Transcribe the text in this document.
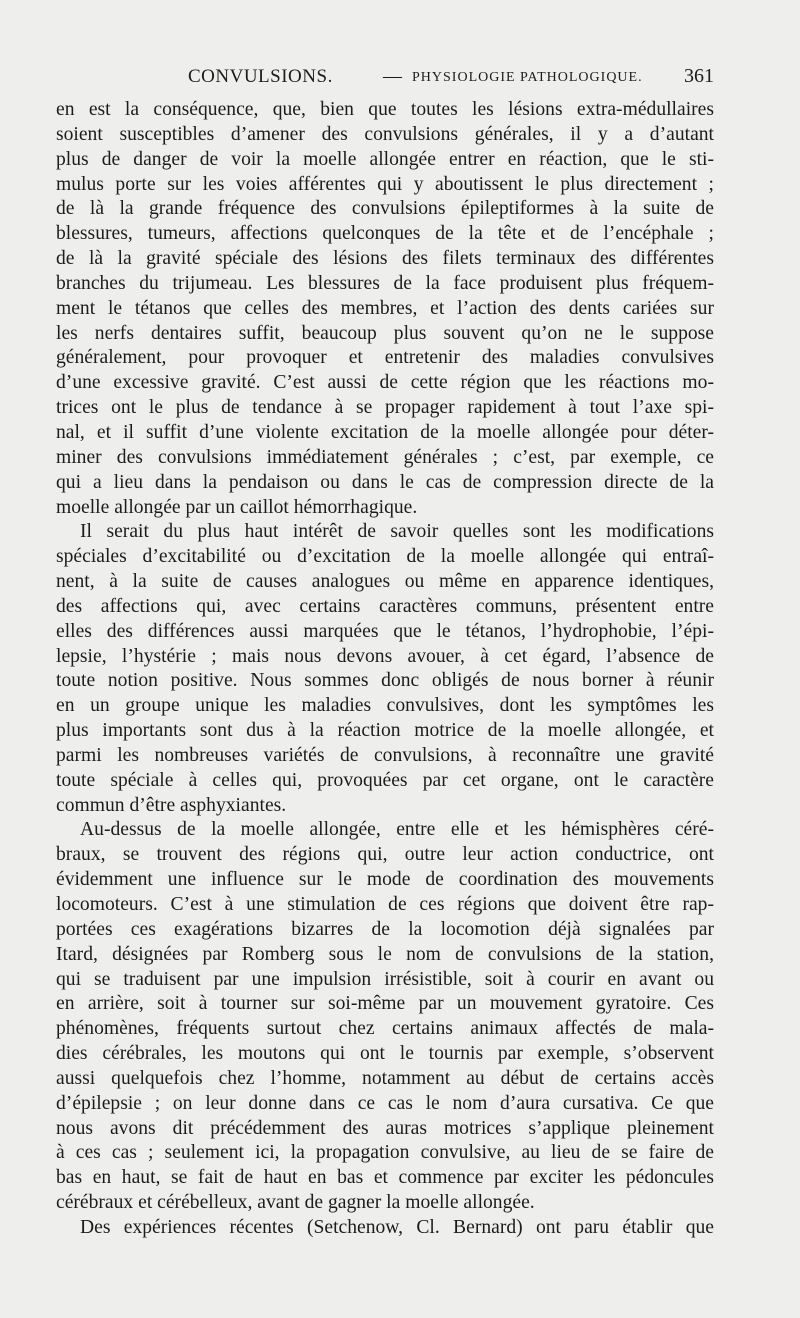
CONVULSIONS.	— PHYSIOLOGIE PATHOLOGIQUE. 361
en est la conséquence, que, bien que toutes les lésions extra-médullaires
soient susceptibles d’amener des convulsions générales, il y a d’autant
plus de danger de voir la moelle allongée entrer en réaction, que le sti-
mulus porte sur les voies afférentes qui y aboutissent le plus directement ;
de là la grande fréquence des convulsions épileptiformes à la suite de
blessures, tumeurs, affections quelconques de la tête et de l’encéphale ;
de là la gravité spéciale des lésions des filets terminaux des différentes
branches du trijumeau. Les blessures de la face produisent plus fréquem-
ment le tétanos que celles des membres, et l’action des dents cariées sur
les nerfs dentaires suffit, beaucoup plus souvent qu’on ne le suppose
généralement, pour provoquer et entretenir des maladies convulsives
d’une excessive gravité. C’est aussi de cette région que les réactions mo-
trices ont le plus de tendance à se propager rapidement à tout l’axe spi-
nal, et il suffit d’une violente excitation de la moelle allongée pour déter-
miner des convulsions immédiatement générales ; c’est, par exemple, ce
qui a lieu dans la pendaison ou dans le cas de compression directe de la
moelle allongée par un caillot hémorrhagique.
Il serait du plus haut intérêt de savoir quelles sont les modifications
spéciales d’excitabilité ou d’excitation de la moelle allongée qui entraî-
nent, à la suite de causes analogues ou même en apparence identiques,
des affections qui, avec certains caractères communs, présentent entre
elles des différences aussi marquées que le tétanos, l’hydrophobie, l’épi-
lepsie, l’hystérie ; mais nous devons avouer, à cet égard, l’absence de
toute notion positive. Nous sommes donc obligés de nous borner à réunir
en un groupe unique les maladies convulsives, dont les symptômes les
plus importants sont dus à la réaction motrice de la moelle allongée, et
parmi les nombreuses variétés de convulsions, à reconnaître une gravité
toute spéciale à celles qui, provoquées par cet organe, ont le caractère
commun d’être asphyxiantes.
Au-dessus de la moelle allongée, entre elle et les hémisphères céré-
braux, se trouvent des régions qui, outre leur action conductrice, ont
évidemment une influence sur le mode de coordination des mouvements
locomoteurs. C’est à une stimulation de ces régions que doivent être rap-
portées ces exagérations bizarres de la locomotion déjà signalées par
Itard, désignées par Romberg sous le nom de convulsions de la station,
qui se traduisent par une impulsion irrésistible, soit à courir en avant ou
en arrière, soit à tourner sur soi-même par un mouvement gyratoire. Ces
phénomènes, fréquents surtout chez certains animaux affectés de mala-
dies cérébrales, les moutons qui ont le tournis par exemple, s’observent
aussi quelquefois chez l’homme, notamment au début de certains accès
d’épilepsie ; on leur donne dans ce cas le nom d’aura cursativa. Ce que
nous avons dit précédemment des auras motrices s’applique pleinement
à ces cas ; seulement ici, la propagation convulsive, au lieu de se faire de
bas en haut, se fait de haut en bas et commence par exciter les pédoncules
cérébraux et cérébelleux, avant de gagner la moelle allongée.
Des expériences récentes (Setchenow, Cl. Bernard) ont paru établir que
